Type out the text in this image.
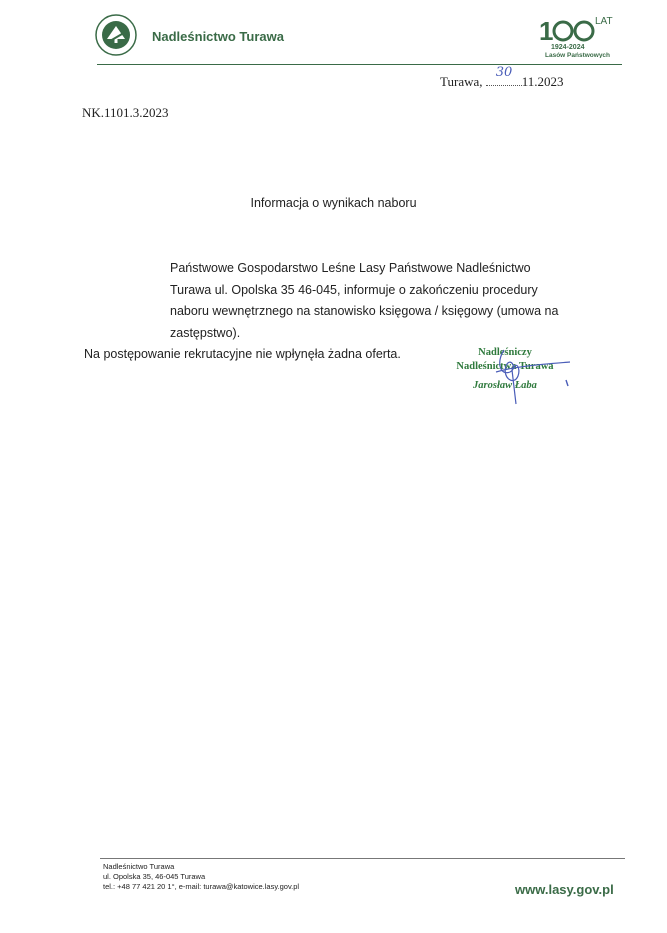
Nadleśnictwo Turawa	1	LAT
1924-2024
Lasów Państwowych
Turawa,
30
11.2023
NK.1101.3.2023
Informacja o wynikach naboru

Państwowe Gospodarstwo Leśne Lasy Państwowe Nadleśnictwo Turawa ul. Opolska 35 46-045, informuje o zakończeniu procedury naboru wewnętrznego na stanowisko księgowa / księgowy (umowa na zastępstwo).

Na postępowanie rekrutacyjne nie wpłynęła żadna oferta.	Nadleśniczy
Nadleśnictwa Turawa
Jarosław Łaba
Nadleśnictwo Turawa
ul. Opolska 35, 46-045 Turawa
tel.: +48 77 421 20 1°, e-mail: turawa@katowice.lasy.gov.pl	www.lasy.gov.pl
